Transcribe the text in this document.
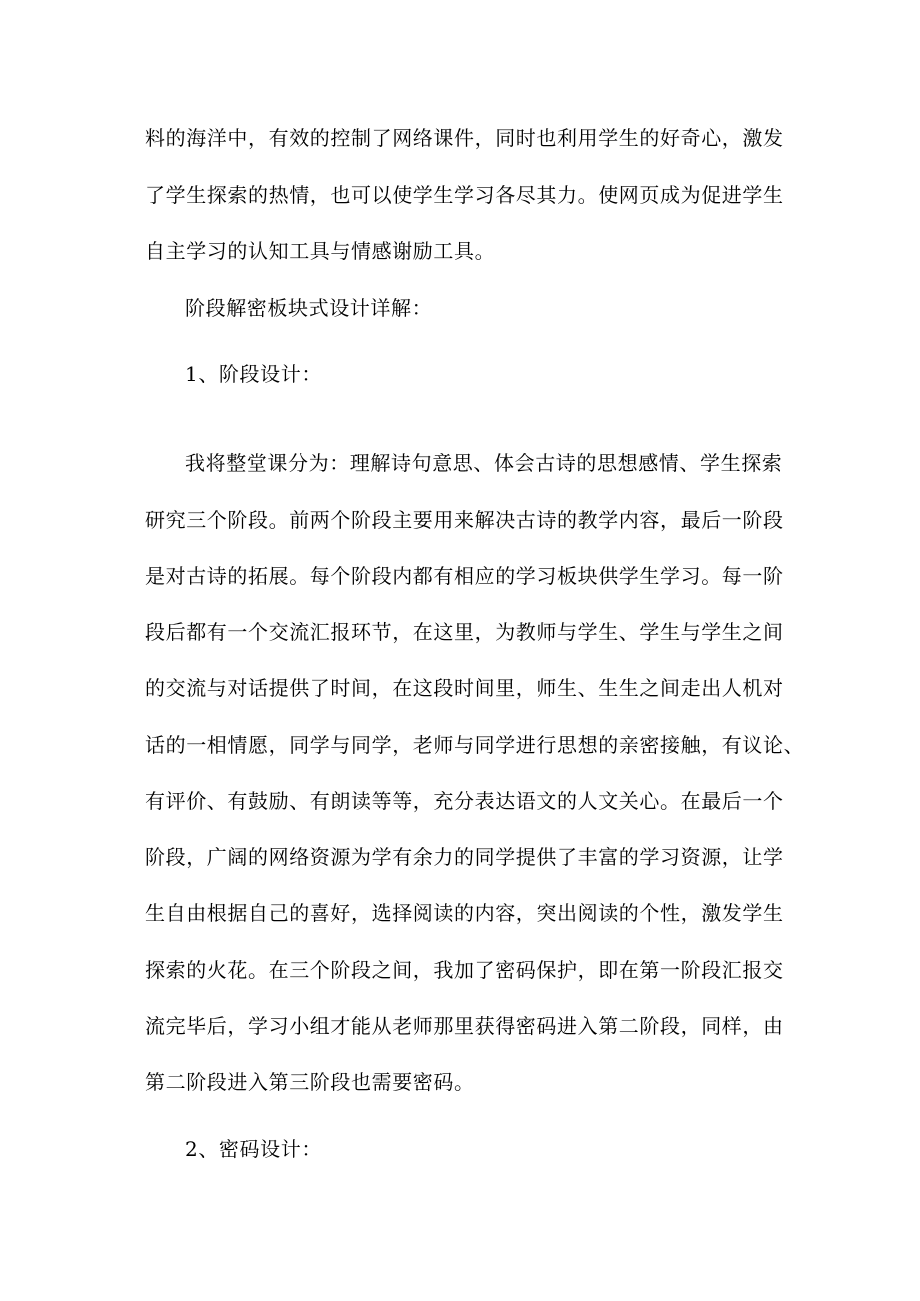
料的海洋中，有效的控制了网络课件，同时也利用学生的好奇心，激发
了学生探索的热情，也可以使学生学习各尽其力。使网页成为促进学生
自主学习的认知工具与情感谢励工具。
阶段解密板块式设计详解：
1、阶段设计：
我将整堂课分为：理解诗句意思、体会古诗的思想感情、学生探索
研究三个阶段。前两个阶段主要用来解决古诗的教学内容，最后一阶段
是对古诗的拓展。每个阶段内都有相应的学习板块供学生学习。每一阶
段后都有一个交流汇报环节，在这里，为教师与学生、学生与学生之间
的交流与对话提供了时间，在这段时间里，师生、生生之间走出人机对
话的一相情愿，同学与同学，老师与同学进行思想的亲密接触，有议论、
有评价、有鼓励、有朗读等等，充分表达语文的人文关心。在最后一个
阶段，广阔的网络资源为学有余力的同学提供了丰富的学习资源，让学
生自由根据自己的喜好，选择阅读的内容，突出阅读的个性，激发学生
探索的火花。在三个阶段之间，我加了密码保护，即在第一阶段汇报交
流完毕后，学习小组才能从老师那里获得密码进入第二阶段，同样，由
第二阶段进入第三阶段也需要密码。
2、密码设计：
